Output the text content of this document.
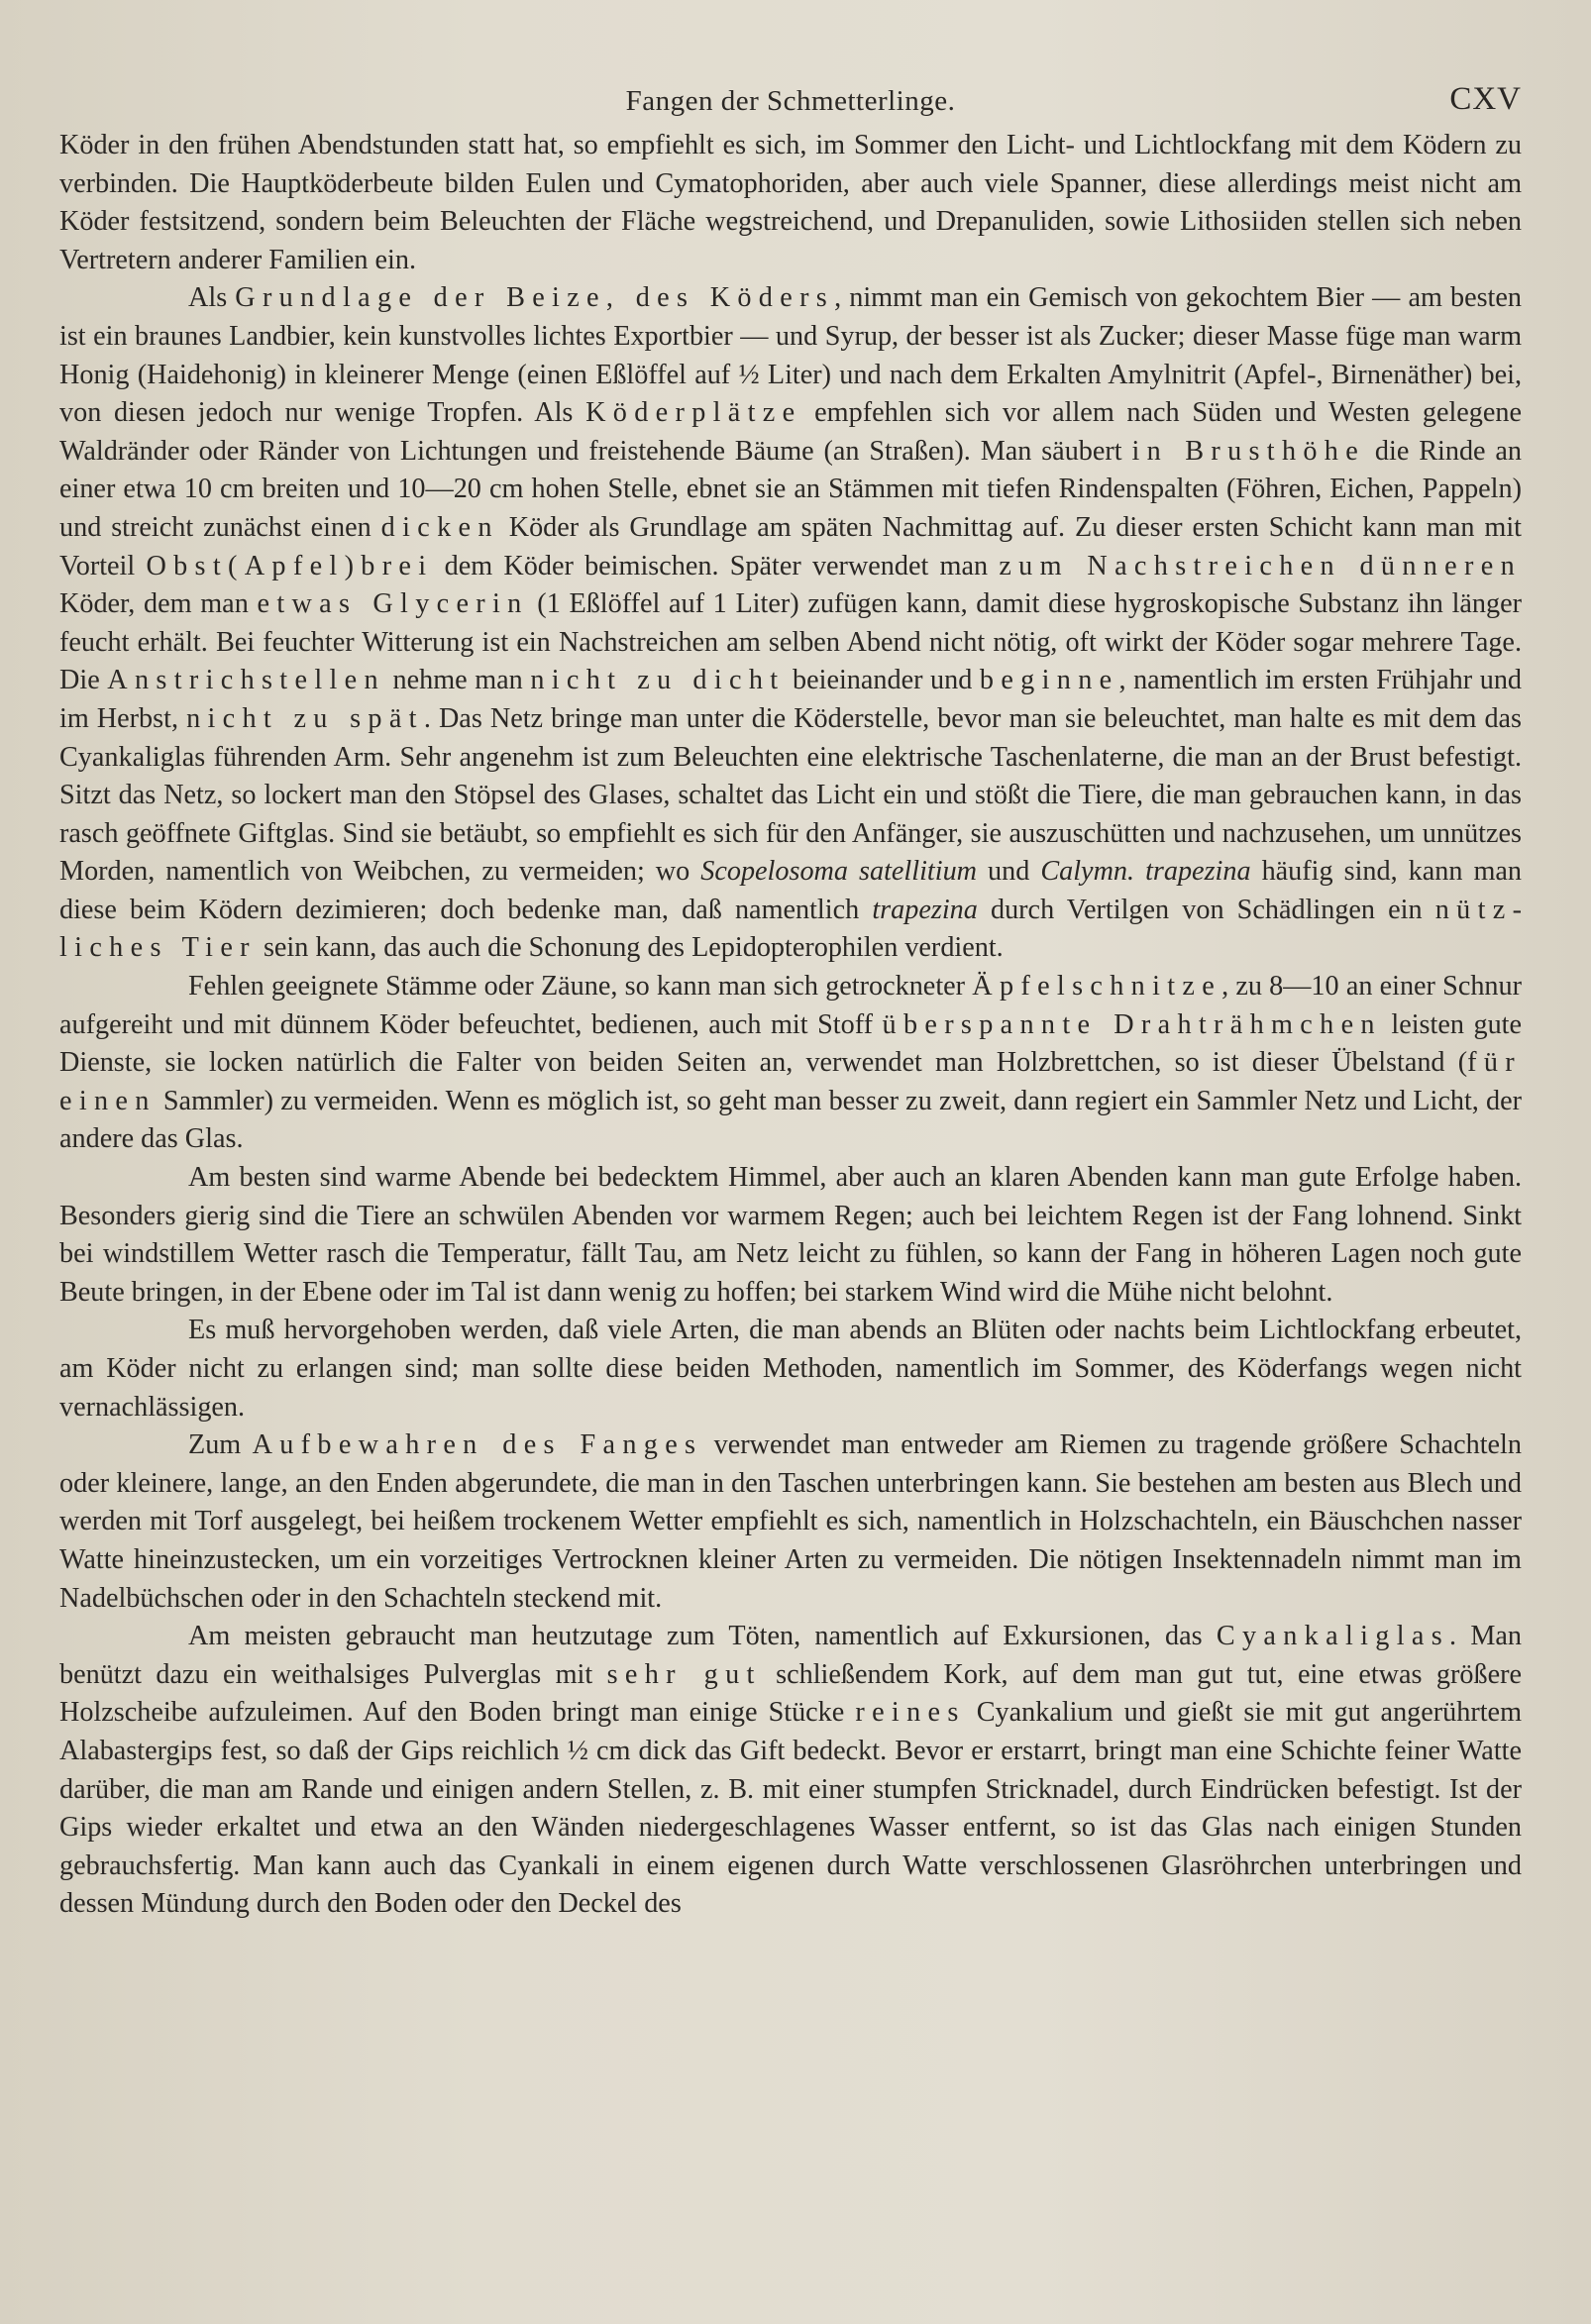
Fangen der Schmetterlinge.	CXV

Köder in den frühen Abendstunden statt hat, so empfiehlt es sich, im Sommer den Licht- und Lichtlockfang mit dem Ködern zu verbinden. Die Hauptköderbeute bilden Eulen und Cymatophoriden, aber auch viele Spanner, diese allerdings meist nicht am Köder festsitzend, sondern beim Beleuchten der Fläche wegstreichend, und Drepanuliden, sowie Lithosiiden stellen sich neben Vertretern anderer Familien ein.

Als Grundlage der Beize, des Köders, nimmt man ein Gemisch von gekochtem Bier — am besten ist ein braunes Landbier, kein kunstvolles lichtes Exportbier — und Syrup, der besser ist als Zucker; dieser Masse füge man warm Honig (Haidehonig) in kleinerer Menge (einen Eßlöffel auf ½ Liter) und nach dem Erkalten Amylnitrit (Apfel-, Birnenäther) bei, von diesen jedoch nur wenige Tropfen. Als Köderplätze empfehlen sich vor allem nach Süden und Westen gelegene Waldränder oder Ränder von Lichtungen und freistehende Bäume (an Straßen). Man säubert in Brusthöhe die Rinde an einer etwa 10 cm breiten und 10—20 cm hohen Stelle, ebnet sie an Stämmen mit tiefen Rindenspalten (Föhren, Eichen, Pappeln) und streicht zunächst einen dicken Köder als Grundlage am späten Nachmittag auf. Zu dieser ersten Schicht kann man mit Vorteil Obst(Apfel)brei dem Köder beimischen. Später verwendet man zum Nachstreichen dünneren Köder, dem man etwas Glycerin (1 Eßlöffel auf 1 Liter) zufügen kann, damit diese hygroskopische Substanz ihn länger feucht erhält. Bei feuchter Witterung ist ein Nachstreichen am selben Abend nicht nötig, oft wirkt der Köder sogar mehrere Tage. Die Anstrichstellen nehme man nicht zu dicht beieinander und beginne, namentlich im ersten Frühjahr und im Herbst, nicht zu spät. Das Netz bringe man unter die Köderstelle, bevor man sie beleuchtet, man halte es mit dem das Cyankaliglas führenden Arm. Sehr angenehm ist zum Beleuchten eine elektrische Taschenlaterne, die man an der Brust befestigt. Sitzt das Netz, so lockert man den Stöpsel des Glases, schaltet das Licht ein und stößt die Tiere, die man gebrauchen kann, in das rasch geöffnete Giftglas. Sind sie betäubt, so empfiehlt es sich für den Anfänger, sie auszuschütten und nachzusehen, um unnützes Morden, namentlich von Weibchen, zu vermeiden; wo Scopelosoma satellitium und Calymn. trapezina häufig sind, kann man diese beim Ködern dezimieren; doch bedenke man, daß namentlich trapezina durch Vertilgen von Schädlingen ein nützliches Tier sein kann, das auch die Schonung des Lepidopterophilen verdient.

Fehlen geeignete Stämme oder Zäune, so kann man sich getrockneter Äpfelschnitze, zu 8—10 an einer Schnur aufgereiht und mit dünnem Köder befeuchtet, bedienen, auch mit Stoff überspannte Drahträhmchen leisten gute Dienste, sie locken natürlich die Falter von beiden Seiten an, verwendet man Holzbrettchen, so ist dieser Übelstand (für einen Sammler) zu vermeiden. Wenn es möglich ist, so geht man besser zu zweit, dann regiert ein Sammler Netz und Licht, der andere das Glas.

Am besten sind warme Abende bei bedecktem Himmel, aber auch an klaren Abenden kann man gute Erfolge haben. Besonders gierig sind die Tiere an schwülen Abenden vor warmem Regen; auch bei leichtem Regen ist der Fang lohnend. Sinkt bei windstillem Wetter rasch die Temperatur, fällt Tau, am Netz leicht zu fühlen, so kann der Fang in höheren Lagen noch gute Beute bringen, in der Ebene oder im Tal ist dann wenig zu hoffen; bei starkem Wind wird die Mühe nicht belohnt.

Es muß hervorgehoben werden, daß viele Arten, die man abends an Blüten oder nachts beim Lichtlockfang erbeutet, am Köder nicht zu erlangen sind; man sollte diese beiden Methoden, namentlich im Sommer, des Köderfangs wegen nicht vernachlässigen.

Zum Aufbewahren des Fanges verwendet man entweder am Riemen zu tragende größere Schachteln oder kleinere, lange, an den Enden abgerundete, die man in den Taschen unterbringen kann. Sie bestehen am besten aus Blech und werden mit Torf ausgelegt, bei heißem trockenem Wetter empfiehlt es sich, namentlich in Holzschachteln, ein Bäuschchen nasser Watte hineinzustecken, um ein vorzeitiges Vertrocknen kleiner Arten zu vermeiden. Die nötigen Insektennadeln nimmt man im Nadelbüchschen oder in den Schachteln steckend mit.

Am meisten gebraucht man heutzutage zum Töten, namentlich auf Exkursionen, das Cyankaliglas. Man benützt dazu ein weithalsiges Pulverglas mit sehr gut schließendem Kork, auf dem man gut tut, eine etwas größere Holzscheibe aufzuleimen. Auf den Boden bringt man einige Stücke reines Cyankalium und gießt sie mit gut angerührtem Alabastergips fest, so daß der Gips reichlich ½ cm dick das Gift bedeckt. Bevor er erstarrt, bringt man eine Schichte feiner Watte darüber, die man am Rande und einigen andern Stellen, z. B. mit einer stumpfen Stricknadel, durch Eindrücken befestigt. Ist der Gips wieder erkaltet und etwa an den Wänden niedergeschlagenes Wasser entfernt, so ist das Glas nach einigen Stunden gebrauchsfertig. Man kann auch das Cyankali in einem eigenen durch Watte verschlossenen Glasröhrchen unterbringen und dessen Mündung durch den Boden oder den Deckel des
